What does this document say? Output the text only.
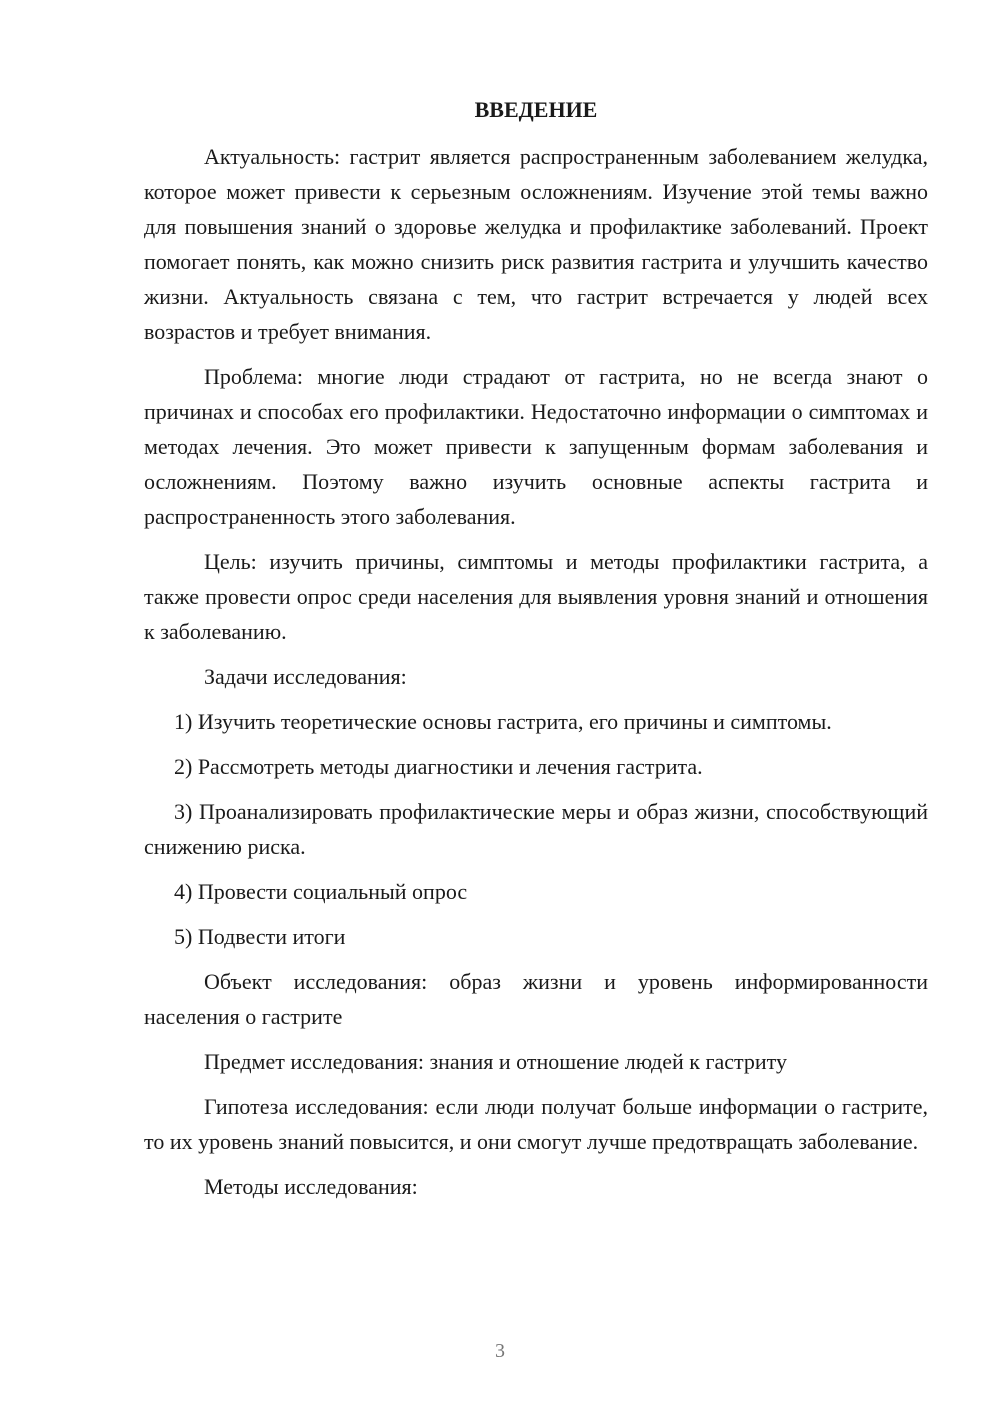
ВВЕДЕНИЕ

Актуальность: гастрит является распространенным заболеванием желудка, которое может привести к серьезным осложнениям. Изучение этой темы важно для повышения знаний о здоровье желудка и профилактике заболеваний. Проект помогает понять, как можно снизить риск развития гастрита и улучшить качество жизни. Актуальность связана с тем, что гастрит встречается у людей всех возрастов и требует внимания.

Проблема: многие люди страдают от гастрита, но не всегда знают о причинах и способах его профилактики. Недостаточно информации о симптомах и методах лечения. Это может привести к запущенным формам заболевания и осложнениям. Поэтому важно изучить основные аспекты гастрита и распространенность этого заболевания.

Цель: изучить причины, симптомы и методы профилактики гастрита, а также провести опрос среди населения для выявления уровня знаний и отношения к заболеванию.

Задачи исследования:

1) Изучить теоретические основы гастрита, его причины и симптомы.

2) Рассмотреть методы диагностики и лечения гастрита.

3) Проанализировать профилактические меры и образ жизни, способствующий снижению риска.

4) Провести социальный опрос

5) Подвести итоги

Объект исследования: образ жизни и уровень информированности населения о гастрите

Предмет исследования: знания и отношение людей к гастриту

Гипотеза исследования: если люди получат больше информации о гастрите, то их уровень знаний повысится, и они смогут лучше предотвращать заболевание.

Методы исследования:

3
